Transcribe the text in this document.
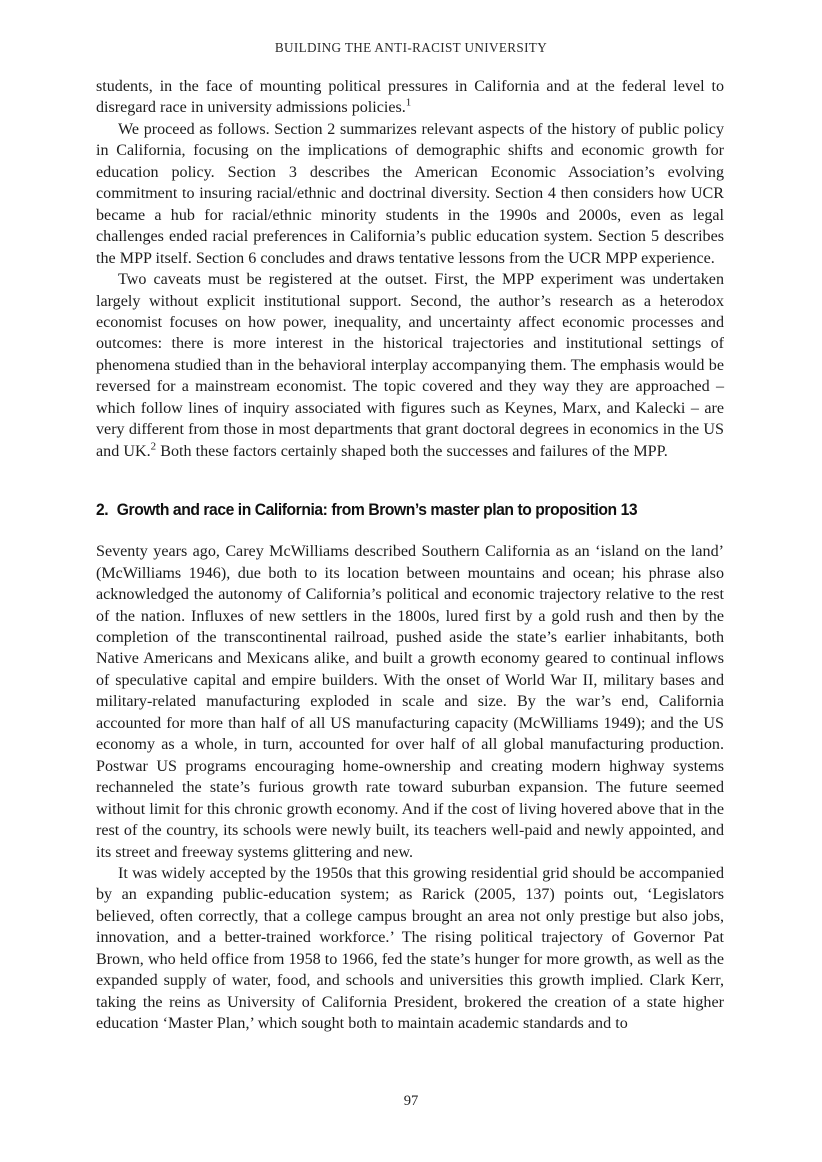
BUILDING THE ANTI-RACIST UNIVERSITY

students, in the face of mounting political pressures in California and at the federal level to disregard race in university admissions policies.$^1$

We proceed as follows. Section 2 summarizes relevant aspects of the history of public policy in California, focusing on the implications of demographic shifts and economic growth for education policy. Section 3 describes the American Economic Association’s evolving commitment to insuring racial/ethnic and doctrinal diversity. Section 4 then considers how UCR became a hub for racial/ethnic minority students in the 1990s and 2000s, even as legal challenges ended racial preferences in California’s public education system. Section 5 describes the MPP itself. Section 6 concludes and draws tentative lessons from the UCR MPP experience.

Two caveats must be registered at the outset. First, the MPP experiment was undertaken largely without explicit institutional support. Second, the author’s research as a heterodox economist focuses on how power, inequality, and uncertainty affect economic processes and outcomes: there is more interest in the historical trajectories and institutional settings of phenomena studied than in the behavioral interplay accompanying them. The emphasis would be reversed for a mainstream economist. The topic covered and they way they are approached – which follow lines of inquiry associated with figures such as Keynes, Marx, and Kalecki – are very different from those in most departments that grant doctoral degrees in economics in the US and UK.$^2$ Both these factors certainly shaped both the successes and failures of the MPP.

2. Growth and race in California: from Brown’s master plan to proposition 13

Seventy years ago, Carey McWilliams described Southern California as an ‘island on the land’ (McWilliams 1946), due both to its location between mountains and ocean; his phrase also acknowledged the autonomy of California’s political and economic trajectory relative to the rest of the nation. Influxes of new settlers in the 1800s, lured first by a gold rush and then by the completion of the transcontinental railroad, pushed aside the state’s earlier inhabitants, both Native Americans and Mexicans alike, and built a growth economy geared to continual inflows of speculative capital and empire builders. With the onset of World War II, military bases and military-related manufacturing exploded in scale and size. By the war’s end, California accounted for more than half of all US manufacturing capacity (McWilliams 1949); and the US economy as a whole, in turn, accounted for over half of all global manufacturing production. Postwar US programs encouraging home-ownership and creating modern highway systems rechanneled the state’s furious growth rate toward suburban expansion. The future seemed without limit for this chronic growth economy. And if the cost of living hovered above that in the rest of the country, its schools were newly built, its teachers well-paid and newly appointed, and its street and freeway systems glittering and new.

It was widely accepted by the 1950s that this growing residential grid should be accompanied by an expanding public-education system; as Rarick (2005, 137) points out, ‘Legislators believed, often correctly, that a college campus brought an area not only prestige but also jobs, innovation, and a better-trained workforce.’ The rising political trajectory of Governor Pat Brown, who held office from 1958 to 1966, fed the state’s hunger for more growth, as well as the expanded supply of water, food, and schools and universities this growth implied. Clark Kerr, taking the reins as University of California President, brokered the creation of a state higher education ‘Master Plan,’ which sought both to maintain academic standards and to

97
